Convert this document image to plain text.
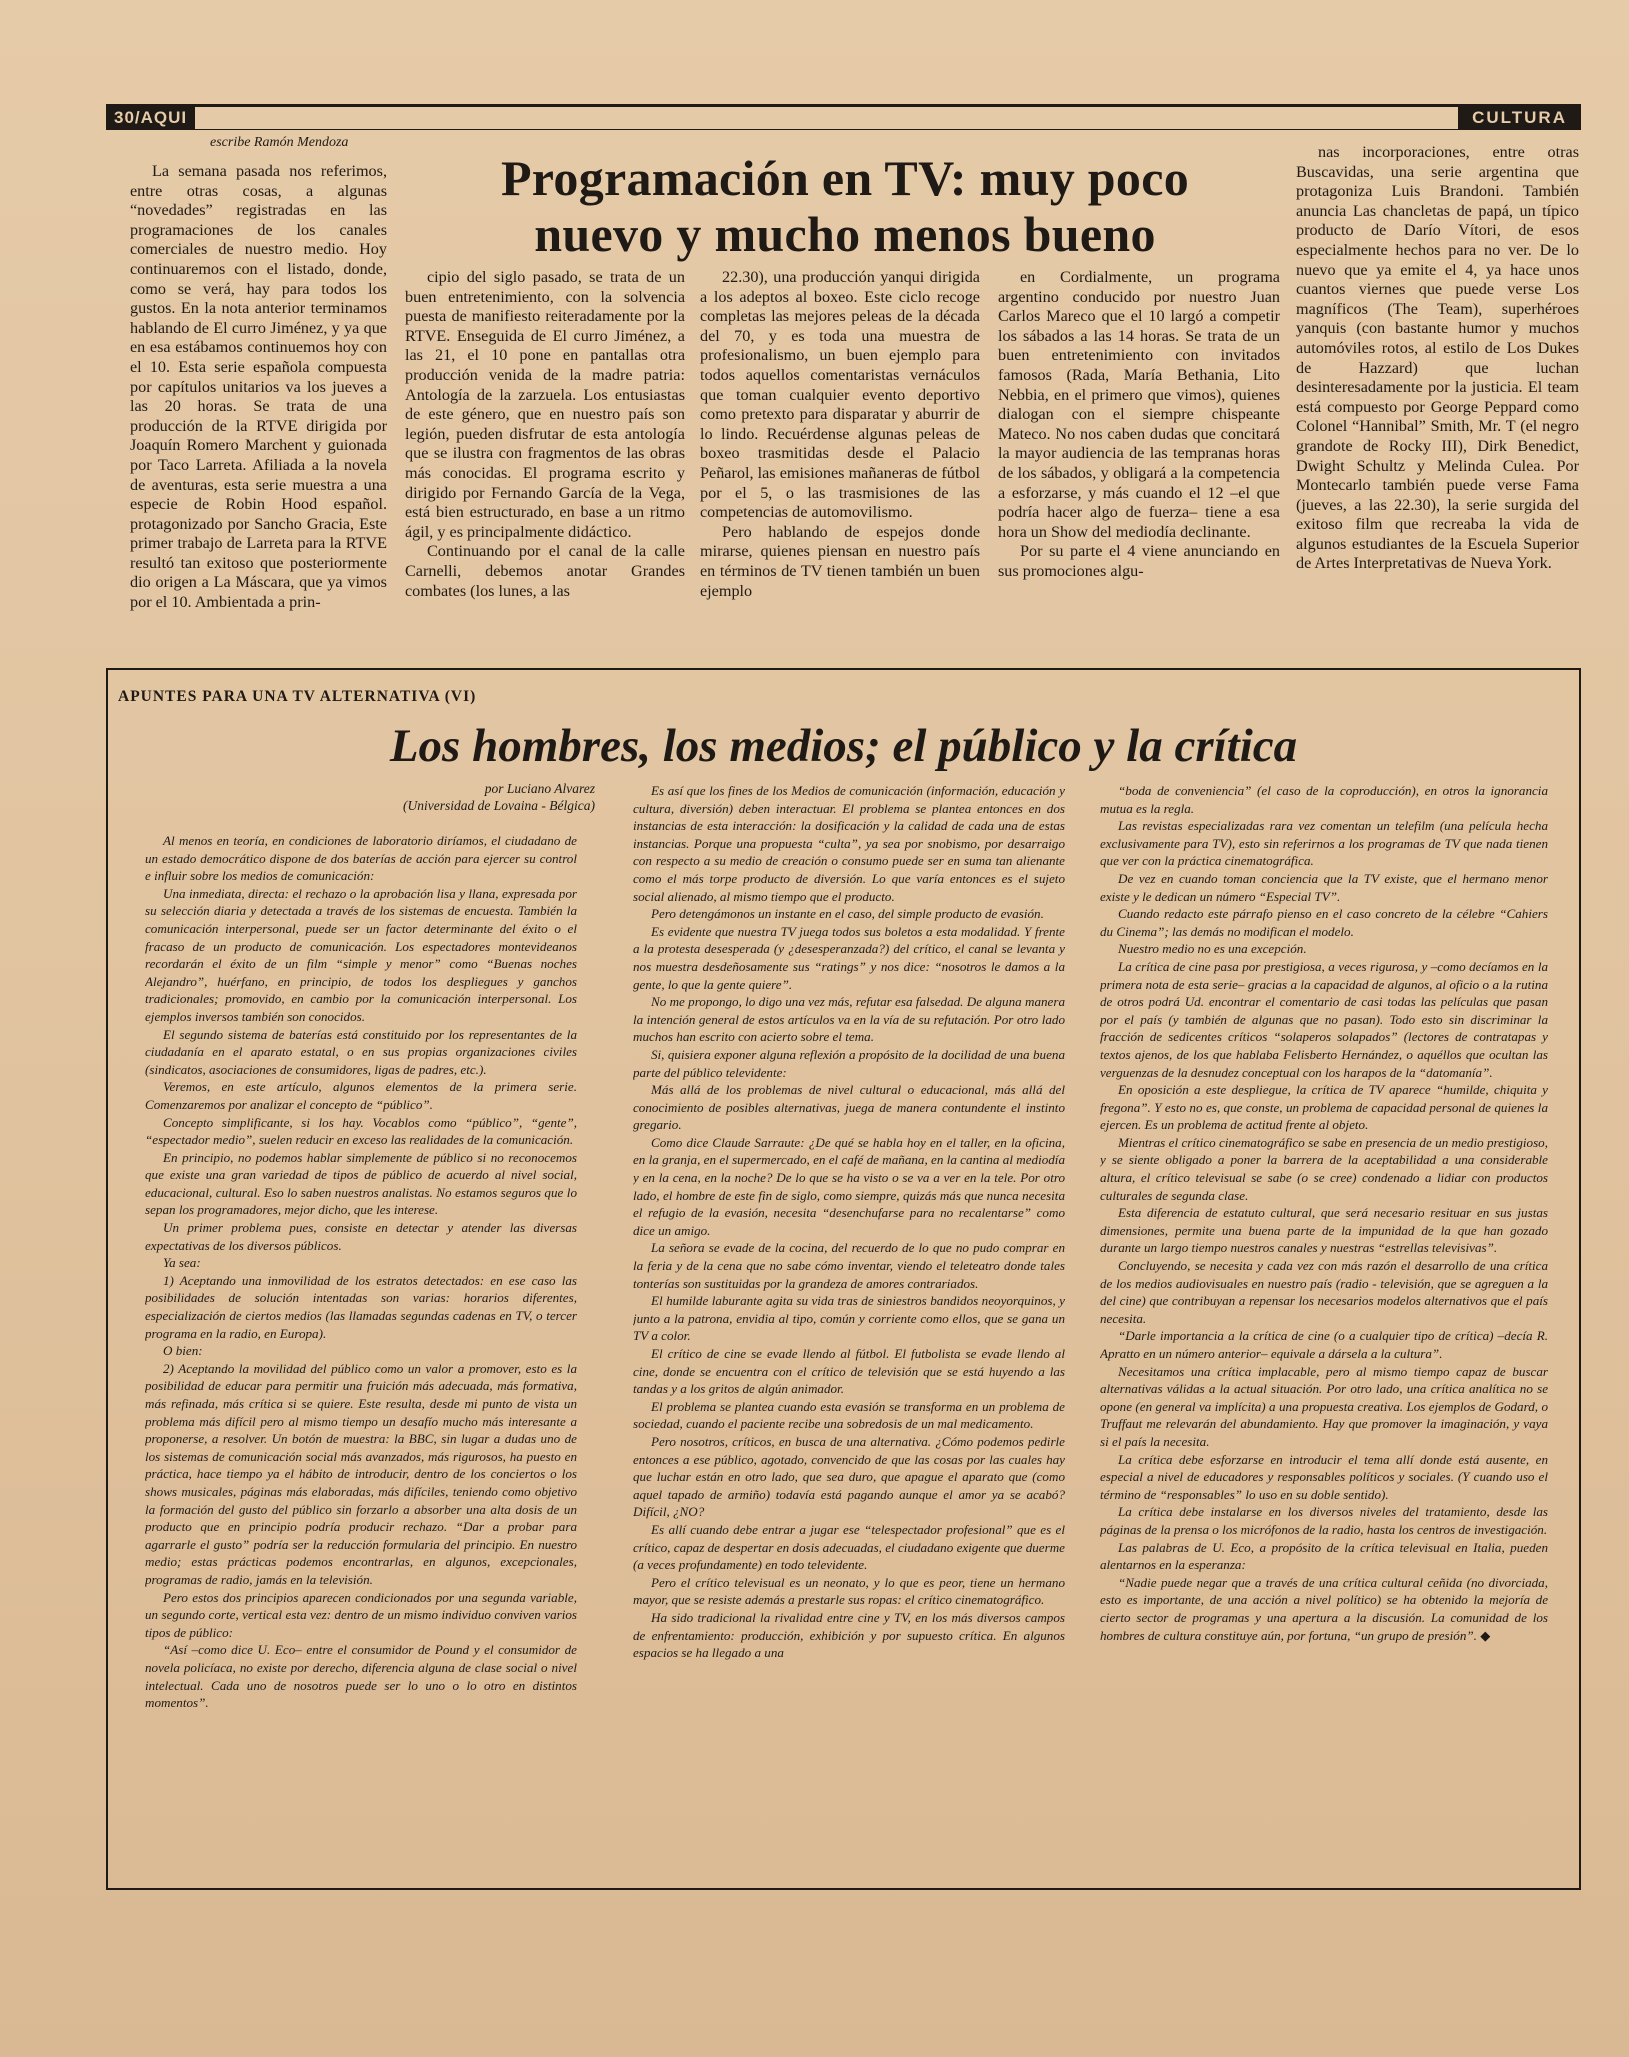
30/AQUI	CULTURA
escribe Ramón Mendoza
Programación en TV: muy poco
nuevo y mucho menos bueno

La semana pasada nos referimos, entre otras cosas, a algunas “novedades” registradas en las programaciones de los canales comerciales de nuestro medio. Hoy continuaremos con el listado, donde, como se verá, hay para todos los gustos. En la nota anterior terminamos hablando de El curro Jiménez, y ya que en esa estábamos continuemos hoy con el 10. Esta serie española compuesta por capítulos unitarios va los jueves a las 20 horas. Se trata de una producción de la RTVE dirigida por Joaquín Romero Marchent y guionada por Taco Larreta. Afiliada a la novela de aventuras, esta serie muestra a una especie de Robin Hood español. protagonizado por Sancho Gracia, Este primer trabajo de Larreta para la RTVE resultó tan exitoso que posteriormente dio origen a La Máscara, que ya vimos por el 10. Ambientada a prin-

cipio del siglo pasado, se trata de un buen entretenimiento, con la solvencia puesta de manifiesto reiteradamente por la RTVE. Enseguida de El curro Jiménez, a las 21, el 10 pone en pantallas otra producción venida de la madre patria: Antología de la zarzuela. Los entusiastas de este género, que en nuestro país son legión, pueden disfrutar de esta antología que se ilustra con fragmentos de las obras más conocidas. El programa escrito y dirigido por Fernando García de la Vega, está bien estructurado, en base a un ritmo ágil, y es principalmente didáctico.

Continuando por el canal de la calle Carnelli, debemos anotar Grandes combates (los lunes, a las

22.30), una producción yanqui dirigida a los adeptos al boxeo. Este ciclo recoge completas las mejores peleas de la década del 70, y es toda una muestra de profesionalismo, un buen ejemplo para todos aquellos comentaristas vernáculos que toman cualquier evento deportivo como pretexto para disparatar y aburrir de lo lindo. Recuérdense algunas peleas de boxeo trasmitidas desde el Palacio Peñarol, las emisiones mañaneras de fútbol por el 5, o las trasmisiones de las competencias de automovilismo.

Pero hablando de espejos donde mirarse, quienes piensan en nuestro país en términos de TV tienen también un buen ejemplo

en Cordialmente, un programa argentino conducido por nuestro Juan Carlos Mareco que el 10 largó a competir los sábados a las 14 horas. Se trata de un buen entretenimiento con invitados famosos (Rada, María Bethania, Lito Nebbia, en el primero que vimos), quienes dialogan con el siempre chispeante Mateco. No nos caben dudas que concitará la mayor audiencia de las tempranas horas de los sábados, y obligará a la competencia a esforzarse, y más cuando el 12 –el que podría hacer algo de fuerza– tiene a esa hora un Show del mediodía declinante.

Por su parte el 4 viene anunciando en sus promociones algu-

nas incorporaciones, entre otras Buscavidas, una serie argentina que protagoniza Luis Brandoni. También anuncia Las chancletas de papá, un típico producto de Darío Vítori, de esos especialmente hechos para no ver. De lo nuevo que ya emite el 4, ya hace unos cuantos viernes que puede verse Los magníficos (The Team), superhéroes yanquis (con bastante humor y muchos automóviles rotos, al estilo de Los Dukes de Hazzard) que luchan desinteresadamente por la justicia. El team está compuesto por George Peppard como Colonel “Hannibal” Smith, Mr. T (el negro grandote de Rocky III), Dirk Benedict, Dwight Schultz y Melinda Culea. Por Montecarlo también puede verse Fama (jueves, a las 22.30), la serie surgida del exitoso film que recreaba la vida de algunos estudiantes de la Escuela Superior de Artes Interpretativas de Nueva York.

APUNTES PARA UNA TV ALTERNATIVA (VI)
Los hombres, los medios; el público y la crítica
por Luciano Alvarez
(Universidad de Lovaina - Bélgica)

Al menos en teoría, en condiciones de laboratorio diríamos, el ciudadano de un estado democrático dispone de dos baterías de acción para ejercer su control e influir sobre los medios de comunicación:

Una inmediata, directa: el rechazo o la aprobación lisa y llana, expresada por su selección diaria y detectada a través de los sistemas de encuesta. También la comunicación interpersonal, puede ser un factor determinante del éxito o el fracaso de un producto de comunicación. Los espectadores montevideanos recordarán el éxito de un film “simple y menor” como “Buenas noches Alejandro”, huérfano, en principio, de todos los despliegues y ganchos tradicionales; promovido, en cambio por la comunicación interpersonal. Los ejemplos inversos también son conocidos.

El segundo sistema de baterías está constituido por los representantes de la ciudadanía en el aparato estatal, o en sus propias organizaciones civiles (sindicatos, asociaciones de consumidores, ligas de padres, etc.).

Veremos, en este artículo, algunos elementos de la primera serie. Comenzaremos por analizar el concepto de “público”.

Concepto simplificante, si los hay. Vocablos como “público”, “gente”, “espectador medio”, suelen reducir en exceso las realidades de la comunicación.

En principio, no podemos hablar simplemente de público si no reconocemos que existe una gran variedad de tipos de público de acuerdo al nivel social, educacional, cultural. Eso lo saben nuestros analistas. No estamos seguros que lo sepan los programadores, mejor dicho, que les interese.

Un primer problema pues, consiste en detectar y atender las diversas expectativas de los diversos públicos.

Ya sea:

1) Aceptando una inmovilidad de los estratos detectados: en ese caso las posibilidades de solución intentadas son varias: horarios diferentes, especialización de ciertos medios (las llamadas segundas cadenas en TV, o tercer programa en la radio, en Europa).

O bien:

2) Aceptando la movilidad del público como un valor a promover, esto es la posibilidad de educar para permitir una fruición más adecuada, más formativa, más refinada, más crítica si se quiere. Este resulta, desde mi punto de vista un problema más difícil pero al mismo tiempo un desafío mucho más interesante a proponerse, a resolver. Un botón de muestra: la BBC, sin lugar a dudas uno de los sistemas de comunicación social más avanzados, más rigurosos, ha puesto en práctica, hace tiempo ya el hábito de introducir, dentro de los conciertos o los shows musicales, páginas más elaboradas, más difíciles, teniendo como objetivo la formación del gusto del público sin forzarlo a absorber una alta dosis de un producto que en principio podría producir rechazo. “Dar a probar para agarrarle el gusto” podría ser la reducción formularia del principio. En nuestro medio; estas prácticas podemos encontrarlas, en algunos, excepcionales, programas de radio, jamás en la televisión.

Pero estos dos principios aparecen condicionados por una segunda variable, un segundo corte, vertical esta vez: dentro de un mismo individuo conviven varios tipos de público:

“Así –como dice U. Eco– entre el consumidor de Pound y el consumidor de novela policíaca, no existe por derecho, diferencia alguna de clase social o nivel intelectual. Cada uno de nosotros puede ser lo uno o lo otro en distintos momentos”.

Es así que los fines de los Medios de comunicación (información, educación y cultura, diversión) deben interactuar. El problema se plantea entonces en dos instancias de esta interacción: la dosificación y la calidad de cada una de estas instancias. Porque una propuesta “culta”, ya sea por snobismo, por desarraigo con respecto a su medio de creación o consumo puede ser en suma tan alienante como el más torpe producto de diversión. Lo que varía entonces es el sujeto social alienado, al mismo tiempo que el producto.

Pero detengámonos un instante en el caso, del simple producto de evasión.

Es evidente que nuestra TV juega todos sus boletos a esta modalidad. Y frente a la protesta desesperada (y ¿desesperanzada?) del crítico, el canal se levanta y nos muestra desdeñosamente sus “ratings” y nos dice: “nosotros le damos a la gente, lo que la gente quiere”.

No me propongo, lo digo una vez más, refutar esa falsedad. De alguna manera la intención general de estos artículos va en la vía de su refutación. Por otro lado muchos han escrito con acierto sobre el tema.

Si, quisiera exponer alguna reflexión a propósito de la docilidad de una buena parte del público televidente:

Más allá de los problemas de nivel cultural o educacional, más allá del conocimiento de posibles alternativas, juega de manera contundente el instinto gregario.

Como dice Claude Sarraute: ¿De qué se habla hoy en el taller, en la oficina, en la granja, en el supermercado, en el café de mañana, en la cantina al mediodía y en la cena, en la noche? De lo que se ha visto o se va a ver en la tele. Por otro lado, el hombre de este fin de siglo, como siempre, quizás más que nunca necesita el refugio de la evasión, necesita “desenchufarse para no recalentarse” como dice un amigo.

La señora se evade de la cocina, del recuerdo de lo que no pudo comprar en la feria y de la cena que no sabe cómo inventar, viendo el teleteatro donde tales tonterías son sustituidas por la grandeza de amores contrariados.

El humilde laburante agita su vida tras de siniestros bandidos neoyorquinos, y junto a la patrona, envidia al tipo, común y corriente como ellos, que se gana un TV a color.

El crítico de cine se evade llendo al fútbol. El futbolista se evade llendo al cine, donde se encuentra con el crítico de televisión que se está huyendo a las tandas y a los gritos de algún animador.

El problema se plantea cuando esta evasión se transforma en un problema de sociedad, cuando el paciente recibe una sobredosis de un mal medicamento.

Pero nosotros, críticos, en busca de una alternativa. ¿Cómo podemos pedirle entonces a ese público, agotado, convencido de que las cosas por las cuales hay que luchar están en otro lado, que sea duro, que apague el aparato que (como aquel tapado de armiño) todavía está pagando aunque el amor ya se acabó? Difícil, ¿NO?

Es allí cuando debe entrar a jugar ese “telespectador profesional” que es el crítico, capaz de despertar en dosis adecuadas, el ciudadano exigente que duerme (a veces profundamente) en todo televidente.

Pero el crítico televisual es un neonato, y lo que es peor, tiene un hermano mayor, que se resiste además a prestarle sus ropas: el crítico cinematográfico.

Ha sido tradicional la rivalidad entre cine y TV, en los más diversos campos de enfrentamiento: producción, exhibición y por supuesto crítica. En algunos espacios se ha llegado a una

“boda de conveniencia” (el caso de la coproducción), en otros la ignorancia mutua es la regla.

Las revistas especializadas rara vez comentan un telefilm (una película hecha exclusivamente para TV), esto sin referirnos a los programas de TV que nada tienen que ver con la práctica cinematográfica.

De vez en cuando toman conciencia que la TV existe, que el hermano menor existe y le dedican un número “Especial TV”.

Cuando redacto este párrafo pienso en el caso concreto de la célebre “Cahiers du Cinema”; las demás no modifican el modelo.

Nuestro medio no es una excepción.

La crítica de cine pasa por prestigiosa, a veces rigurosa, y –como decíamos en la primera nota de esta serie– gracias a la capacidad de algunos, al oficio o a la rutina de otros podrá Ud. encontrar el comentario de casi todas las películas que pasan por el país (y también de algunas que no pasan). Todo esto sin discriminar la fracción de sedicentes críticos “solaperos solapados” (lectores de contratapas y textos ajenos, de los que hablaba Felisberto Hernández, o aquéllos que ocultan las verguenzas de la desnudez conceptual con los harapos de la “datomanía”.

En oposición a este despliegue, la crítica de TV aparece “humilde, chiquita y fregona”. Y esto no es, que conste, un problema de capacidad personal de quienes la ejercen. Es un problema de actitud frente al objeto.

Mientras el crítico cinematográfico se sabe en presencia de un medio prestigioso, y se siente obligado a poner la barrera de la aceptabilidad a una considerable altura, el crítico televisual se sabe (o se cree) condenado a lidiar con productos culturales de segunda clase.

Esta diferencia de estatuto cultural, que será necesario resituar en sus justas dimensiones, permite una buena parte de la impunidad de la que han gozado durante un largo tiempo nuestros canales y nuestras “estrellas televisivas”.

Concluyendo, se necesita y cada vez con más razón el desarrollo de una crítica de los medios audiovisuales en nuestro país (radio - televisión, que se agreguen a la del cine) que contribuyan a repensar los necesarios modelos alternativos que el país necesita.

“Darle importancia a la crítica de cine (o a cualquier tipo de crítica) –decía R. Apratto en un número anterior– equivale a dársela a la cultura”.

Necesitamos una crítica implacable, pero al mismo tiempo capaz de buscar alternativas válidas a la actual situación. Por otro lado, una crítica analítica no se opone (en general va implícita) a una propuesta creativa. Los ejemplos de Godard, o Truffaut me relevarán del abundamiento. Hay que promover la imaginación, y vaya si el país la necesita.

La crítica debe esforzarse en introducir el tema allí donde está ausente, en especial a nivel de educadores y responsables políticos y sociales. (Y cuando uso el término de “responsables” lo uso en su doble sentido).

La crítica debe instalarse en los diversos niveles del tratamiento, desde las páginas de la prensa o los micrófonos de la radio, hasta los centros de investigación.

Las palabras de U. Eco, a propósito de la crítica televisual en Italia, pueden alentarnos en la esperanza:

“Nadie puede negar que a través de una crítica cultural ceñida (no divorciada, esto es importante, de una acción a nivel político) se ha obtenido la mejoría de cierto sector de programas y una apertura a la discusión. La comunidad de los hombres de cultura constituye aún, por fortuna, “un grupo de presión”. ◆
